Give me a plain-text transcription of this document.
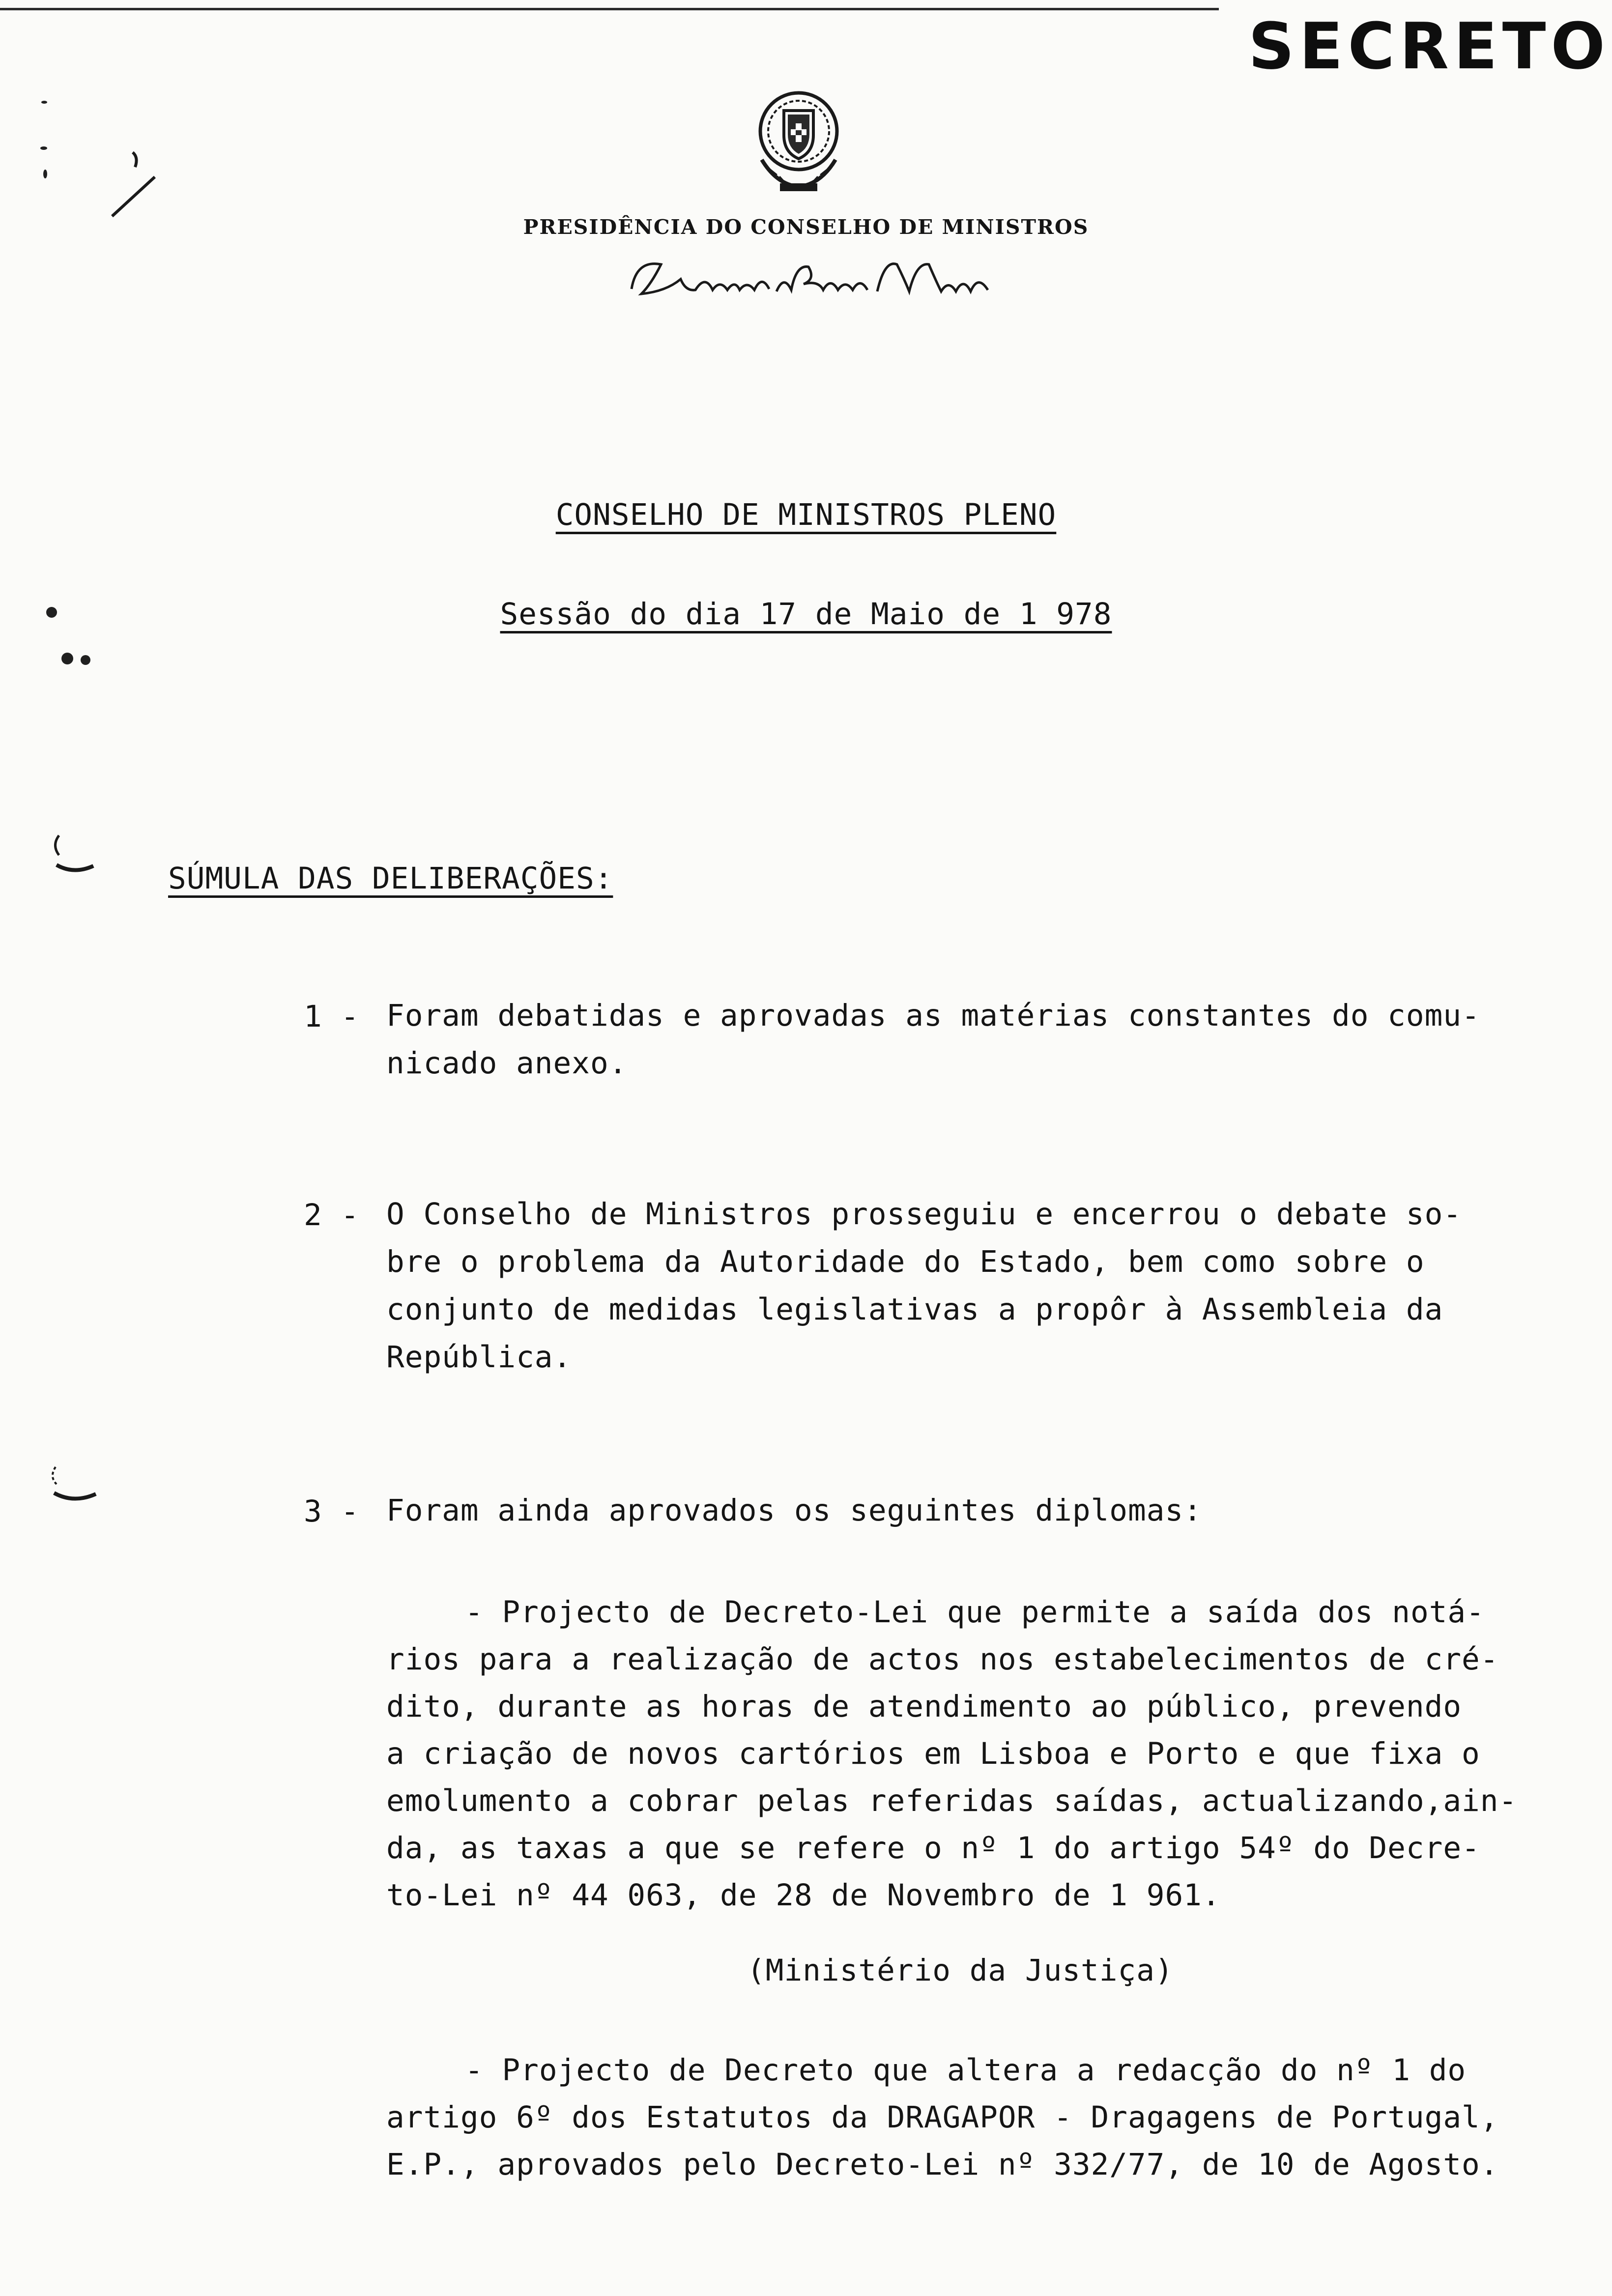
SECRETO
PRESIDÊNCIA DO CONSELHO DE MINISTROS
CONSELHO DE MINISTROS PLENO
Sessão do dia 17 de Maio de 1 978
SÚMULA DAS DELIBERAÇÕES:
1 - Foram debatidas e aprovadas as matérias constantes do comu-
nicado anexo.
2 - O Conselho de Ministros prosseguiu e encerrou o debate so-
bre o problema da Autoridade do Estado, bem como sobre o
conjunto de medidas legislativas a propôr à Assembleia da
República.
3 - Foram ainda aprovados os seguintes diplomas:
- Projecto de Decreto-Lei que permite a saída dos notá-
rios para a realização de actos nos estabelecimentos de cré-
dito, durante as horas de atendimento ao público, prevendo
a criação de novos cartórios em Lisboa e Porto e que fixa o
emolumento a cobrar pelas referidas saídas, actualizando,ain-
da, as taxas a que se refere o nº 1 do artigo 54º do Decre-
to-Lei nº 44 063, de 28 de Novembro de 1 961.
(Ministério da Justiça)
- Projecto de Decreto que altera a redacção do nº 1 do
artigo 6º dos Estatutos da DRAGAPOR - Dragagens de Portugal,
E.P., aprovados pelo Decreto-Lei nº 332/77, de 10 de Agosto.
